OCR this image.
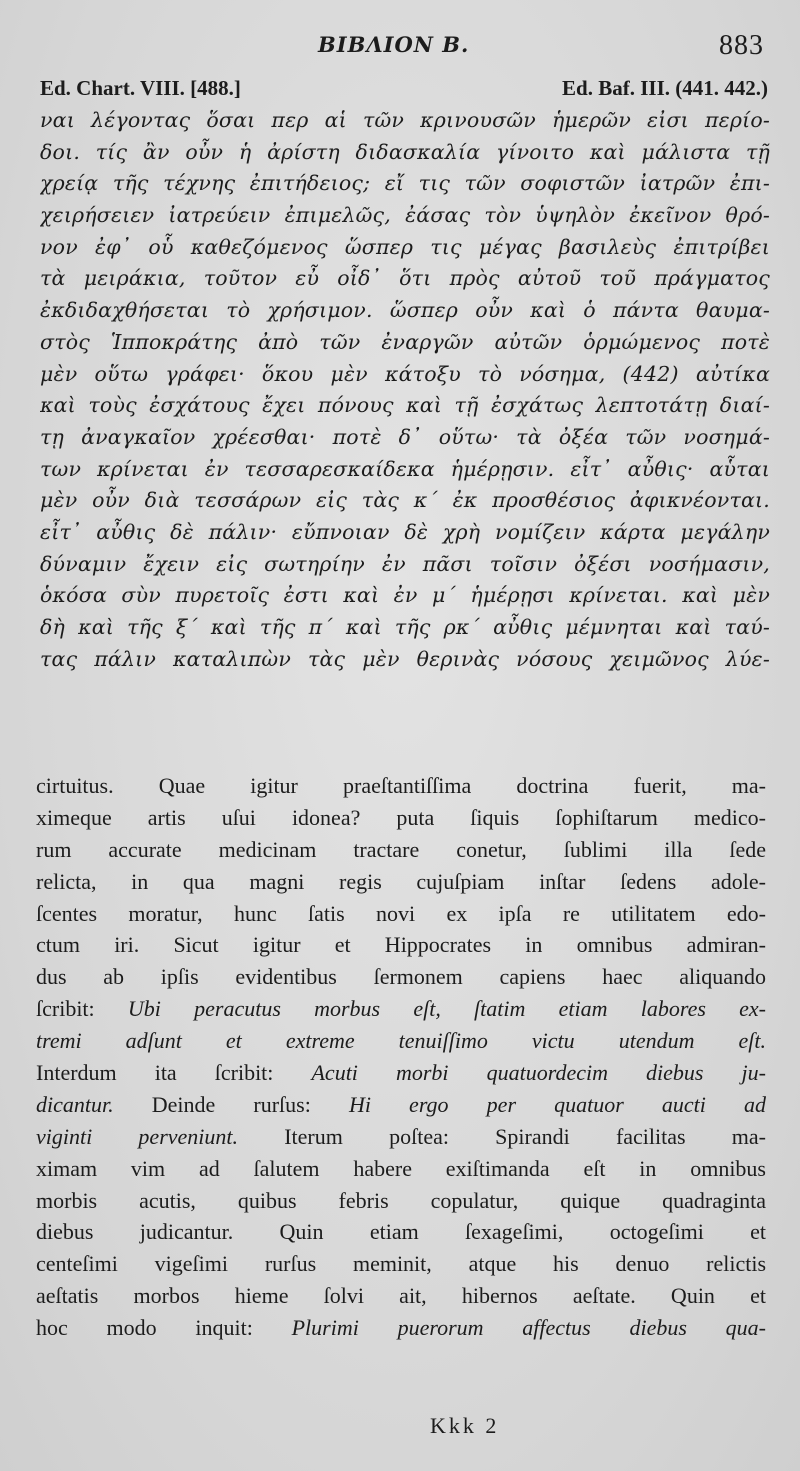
BIBΛΙΟΝ Β.	883
Ed. Chart. VIII. [488.]	Ed. Baf. III. (441. 442.)
ναι λέγοντας ὅσαι περ αἱ τῶν κρινουσῶν ἡμερῶν εἰσι περίο-
δοι. τίς ἂν οὖν ἡ ἀρίστη διδασκαλία γίνοιτο καὶ μάλιστα τῇ
χρείᾳ τῆς τέχνης ἐπιτήδειος; εἴ τις τῶν σοφιστῶν ἰατρῶν ἐπι-
χειρήσειεν ἰατρεύειν ἐπιμελῶς, ἐάσας τὸν ὑψηλὸν ἐκεῖνον θρό-
νον ἐφ᾽ οὗ καθεζόμενος ὥσπερ τις μέγας βασιλεὺς ἐπιτρίβει
τὰ μειράκια, τοῦτον εὖ οἶδ᾽ ὅτι πρὸς αὐτοῦ τοῦ πράγματος
ἐκδιδαχθήσεται τὸ χρήσιμον. ὥσπερ οὖν καὶ ὁ πάντα θαυμα-
στὸς Ἱπποκράτης ἀπὸ τῶν ἐναργῶν αὐτῶν ὁρμώμενος ποτὲ
μὲν οὕτω γράφει· ὅκου μὲν κάτοξυ τὸ νόσημα, (442) αὐτίκα
καὶ τοὺς ἐσχάτους ἔχει πόνους καὶ τῇ ἐσχάτως λεπτοτάτῃ διαί-
τῃ ἀναγκαῖον χρέεσθαι· ποτὲ δ᾽ οὕτω· τὰ ὀξέα τῶν νοσημά-
των κρίνεται ἐν τεσσαρεσκαίδεκα ἡμέρῃσιν. εἶτ᾽ αὖθις· αὗται
μὲν οὖν διὰ τεσσάρων εἰς τὰς κ΄ ἐκ προσθέσιος ἀφικνέονται.
εἶτ᾽ αὖθις δὲ πάλιν· εὔπνοιαν δὲ χρὴ νομίζειν κάρτα μεγάλην
δύναμιν ἔχειν εἰς σωτηρίην ἐν πᾶσι τοῖσιν ὀξέσι νοσήμασιν,
ὁκόσα σὺν πυρετοῖς ἐστι καὶ ἐν μ΄ ἡμέρῃσι κρίνεται. καὶ μὲν
δὴ καὶ τῆς ξ΄ καὶ τῆς π΄ καὶ τῆς ρκ΄ αὖθις μέμνηται καὶ ταύ-
τας πάλιν καταλιπὼν τὰς μὲν θερινὰς νόσους χειμῶνος λύε-
cirtuitus. Quae igitur praeſtantiſſima doctrina fuerit, ma-
ximeque artis uſui idonea? puta ſiquis ſophiſtarum medico-
rum accurate medicinam tractare conetur, ſublimi illa ſede
relicta, in qua magni regis cujuſpiam inſtar ſedens adole-
ſcentes moratur, hunc ſatis novi ex ipſa re utilitatem edo-
ctum iri. Sicut igitur et Hippocrates in omnibus admiran-
dus ab ipſis evidentibus ſermonem capiens haec aliquando
ſcribit: Ubi peracutus morbus eſt, ſtatim etiam labores ex-
tremi adſunt et extreme tenuiſſimo victu utendum eſt.
Interdum ita ſcribit: Acuti morbi quatuordecim diebus ju-
dicantur. Deinde rurſus: Hi ergo per quatuor aucti ad
viginti perveniunt. Iterum poſtea: Spirandi facilitas ma-
ximam vim ad ſalutem habere exiſtimanda eſt in omnibus
morbis acutis, quibus febris copulatur, quique quadraginta
diebus judicantur. Quin etiam ſexageſimi, octogeſimi et
centeſimi vigeſimi rurſus meminit, atque his denuo relictis
aeſtatis morbos hieme ſolvi ait, hibernos aeſtate. Quin et
hoc modo inquit: Plurimi puerorum affectus diebus qua-
Kkk 2
